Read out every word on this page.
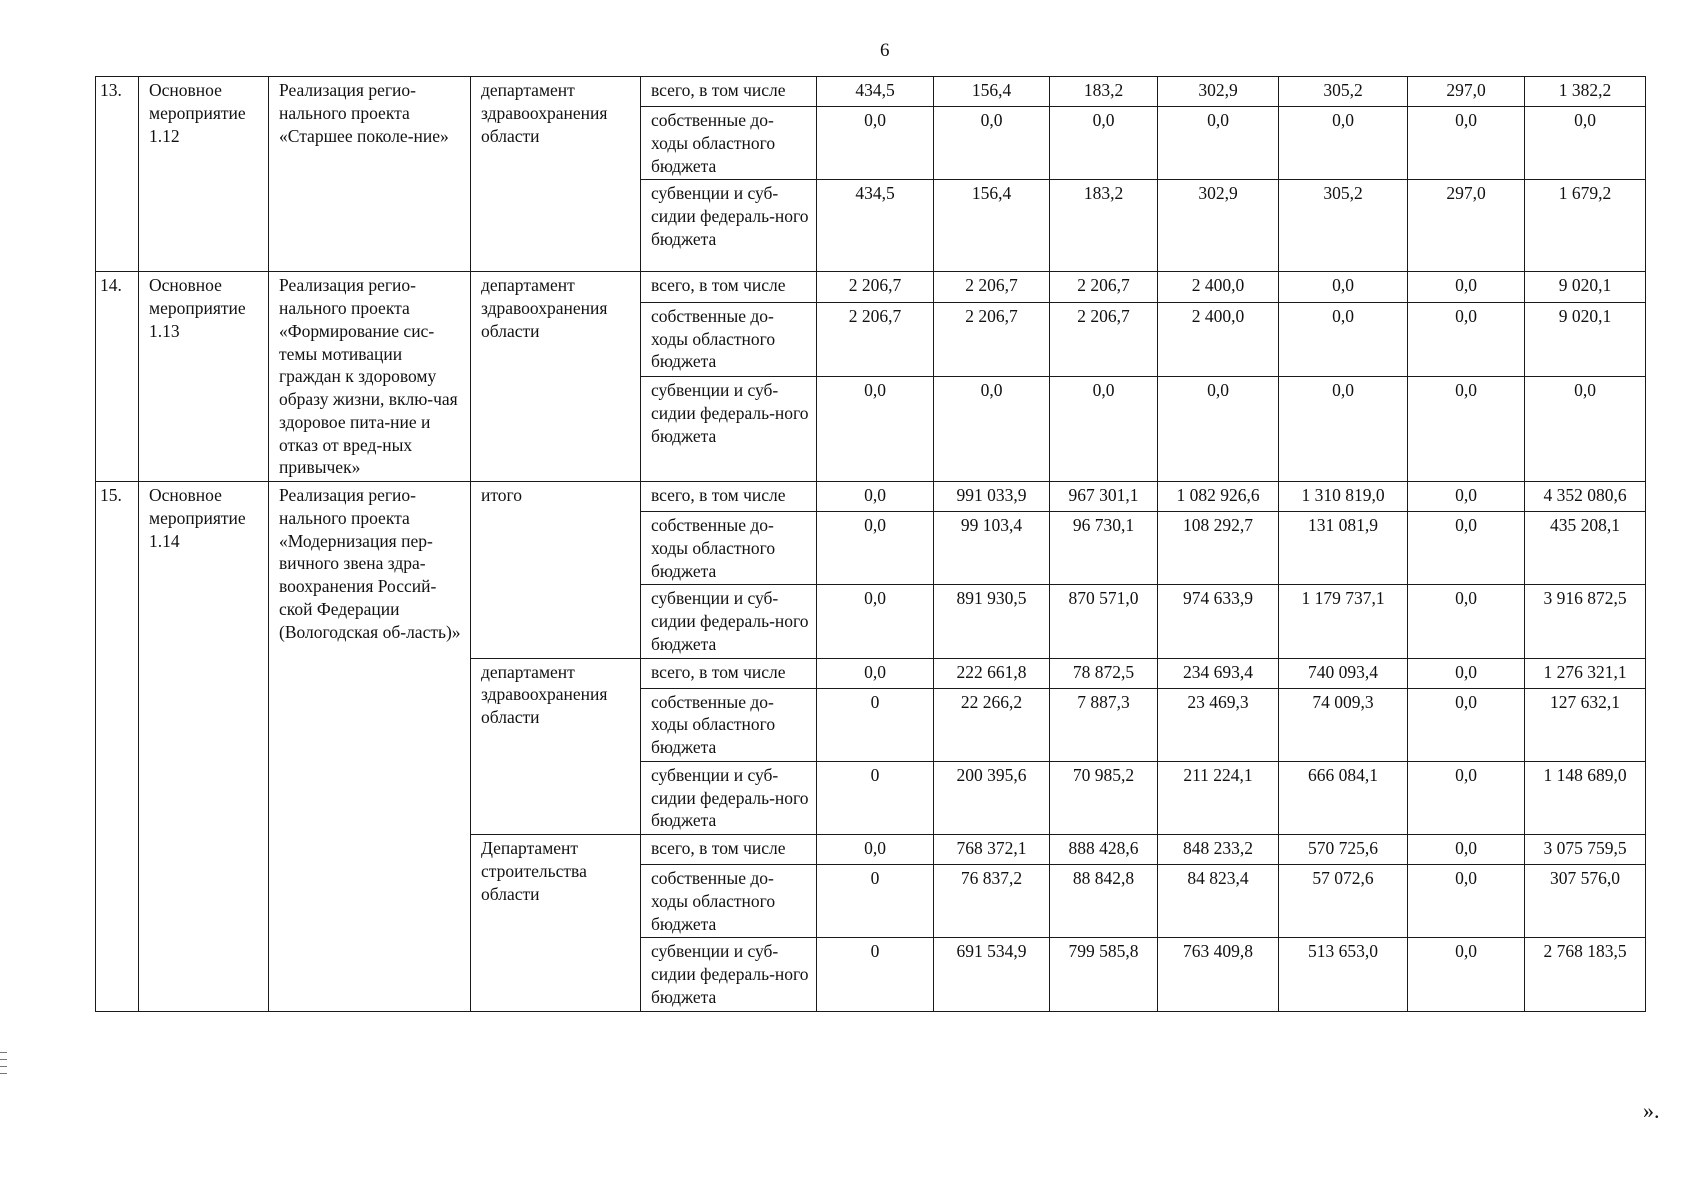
6
13.	Основное мероприятие 1.12	Реализация регио-нального проекта «Старшее поколе-ние»	департамент здравоохранения области	всего, в том числе	434,5	156,4	183,2	302,9	305,2	297,0	1 382,2
				собственные до-ходы областного бюджета	0,0	0,0	0,0	0,0	0,0	0,0	0,0
				субвенции и суб-сидии федераль-ного бюджета	434,5	156,4	183,2	302,9	305,2	297,0	1 679,2
14.	Основное мероприятие 1.13	Реализация регио-нального проекта «Формирование сис-темы мотивации граждан к здоровому образу жизни, вклю-чая здоровое пита-ние и отказ от вред-ных привычек»	департамент здравоохранения области	всего, в том числе	2 206,7	2 206,7	2 206,7	2 400,0	0,0	0,0	9 020,1
				собственные до-ходы областного бюджета	2 206,7	2 206,7	2 206,7	2 400,0	0,0	0,0	9 020,1
				субвенции и суб-сидии федераль-ного бюджета	0,0	0,0	0,0	0,0	0,0	0,0	0,0
15.	Основное мероприятие 1.14	Реализация регио-нального проекта «Модернизация пер-вичного звена здра-воохранения Россий-ской Федерации (Вологодская об-ласть)»	итого	всего, в том числе	0,0	991 033,9	967 301,1	1 082 926,6	1 310 819,0	0,0	4 352 080,6
				собственные до-ходы областного бюджета	0,0	99 103,4	96 730,1	108 292,7	131 081,9	0,0	435 208,1
				субвенции и суб-сидии федераль-ного бюджета	0,0	891 930,5	870 571,0	974 633,9	1 179 737,1	0,0	3 916 872,5
			департамент здравоохранения области	всего, в том числе	0,0	222 661,8	78 872,5	234 693,4	740 093,4	0,0	1 276 321,1
				собственные до-ходы областного бюджета	0	22 266,2	7 887,3	23 469,3	74 009,3	0,0	127 632,1
				субвенции и суб-сидии федераль-ного бюджета	0	200 395,6	70 985,2	211 224,1	666 084,1	0,0	1 148 689,0
			Департамент строительства области	всего, в том числе	0,0	768 372,1	888 428,6	848 233,2	570 725,6	0,0	3 075 759,5
				собственные до-ходы областного бюджета	0	76 837,2	88 842,8	84 823,4	57 072,6	0,0	307 576,0
				субвенции и суб-сидии федераль-ного бюджета	0	691 534,9	799 585,8	763 409,8	513 653,0	0,0	2 768 183,5
».
